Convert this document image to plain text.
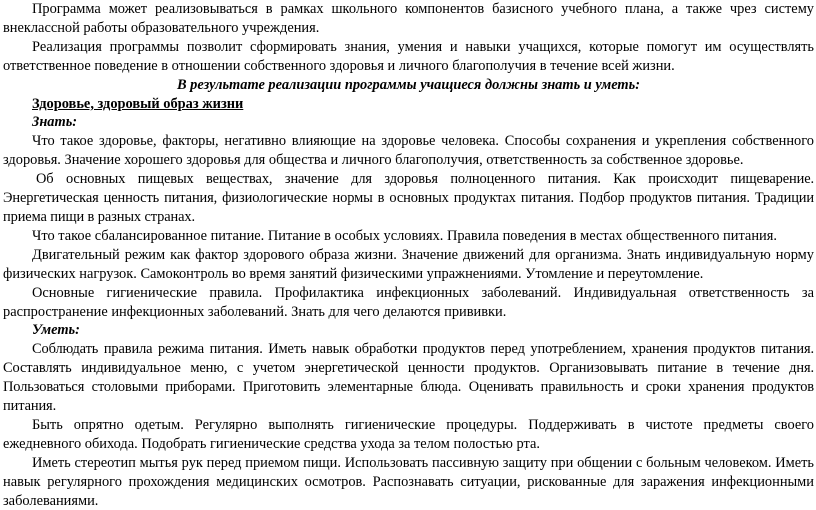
Программа может реализовываться в рамках школьного компонентов базисного учебного плана, а также чрез систему внеклассной работы образовательного учреждения.

Реализация программы позволит сформировать знания, умения и навыки учащихся, которые помогут им осуществлять ответственное поведение в отношении собственного здоровья и личного благополучия в течение всей жизни.

В результате реализации программы учащиеся должны знать и уметь:

Здоровье, здоровый образ жизни

Знать:

Что такое здоровье, факторы, негативно влияющие на здоровье человека. Способы сохранения и укрепления собственного здоровья. Значение хорошего здоровья для общества и личного благополучия, ответственность за собственное здоровье.

Об основных пищевых веществах, значение для здоровья полноценного питания. Как происходит пищеварение. Энергетическая ценность питания, физиологические нормы в основных продуктах питания. Подбор продуктов питания. Традиции приема пищи в разных странах.

Что такое сбалансированное питание. Питание в особых условиях. Правила поведения в местах общественного питания.

Двигательный режим как фактор здорового образа жизни. Значение движений для организма. Знать индивидуальную норму физических нагрузок. Самоконтроль во время занятий физическими упражнениями. Утомление и переутомление.

Основные гигиенические правила. Профилактика инфекционных заболеваний. Индивидуальная ответственность за распространение инфекционных заболеваний. Знать для чего делаются прививки.

Уметь:

Соблюдать правила режима питания. Иметь навык обработки продуктов перед употреблением, хранения продуктов питания. Составлять индивидуальное меню, с учетом энергетической ценности продуктов. Организовывать питание в течение дня. Пользоваться столовыми приборами. Приготовить элементарные блюда. Оценивать правильность и сроки хранения продуктов питания.

Быть опрятно одетым. Регулярно выполнять гигиенические процедуры. Поддерживать в чистоте предметы своего ежедневного обихода. Подобрать гигиенические средства ухода за телом полостью рта.

Иметь стереотип мытья рук перед приемом пищи. Использовать пассивную защиту при общении с больным человеком. Иметь навык регулярного прохождения медицинских осмотров. Распознавать ситуации, рискованные для заражения инфекционными заболеваниями.
